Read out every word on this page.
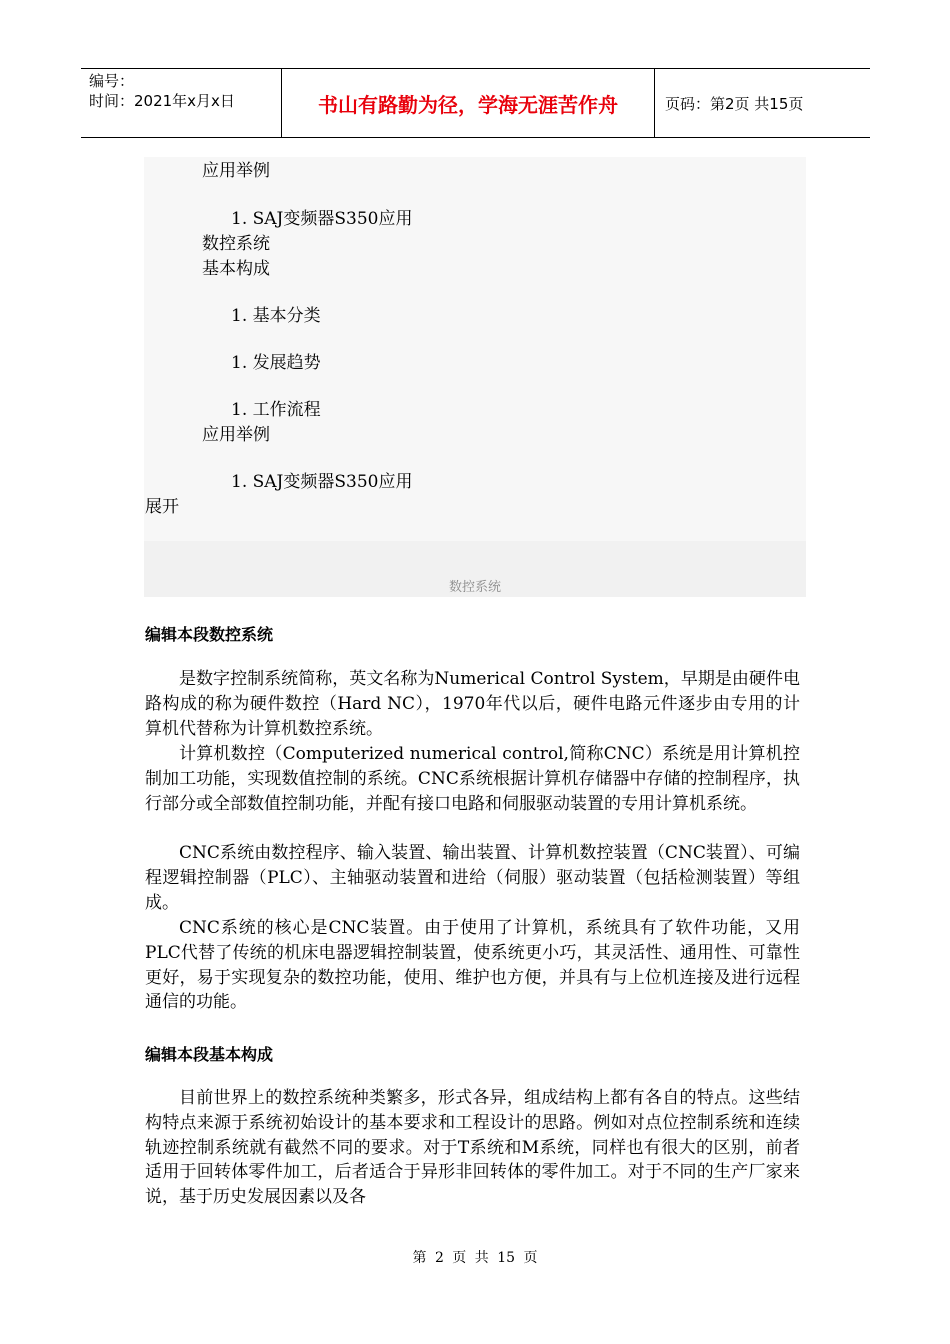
编号：
时间：2021年x月x日	书山有路勤为径，学海无涯苦作舟	页码：第2页 共15页
应用举例
1. SAJ变频器S350应用
数控系统
基本构成
1. 基本分类
1. 发展趋势
1. 工作流程
应用举例
1. SAJ变频器S350应用
展开
数控系统
编辑本段数控系统

是数字控制系统简称，英文名称为Numerical Control System，早期是由硬件电路构成的称为硬件数控（Hard NC），1970年代以后，硬件电路元件逐步由专用的计算机代替称为计算机数控系统。

计算机数控（Computerized numerical control,简称CNC）系统是用计算机控制加工功能，实现数值控制的系统。CNC系统根据计算机存储器中存储的控制程序，执行部分或全部数值控制功能，并配有接口电路和伺服驱动装置的专用计算机系统。

CNC系统由数控程序、输入装置、输出装置、计算机数控装置（CNC装置）、可编程逻辑控制器（PLC）、主轴驱动装置和进给（伺服）驱动装置（包括检测装置）等组成。

CNC系统的核心是CNC装置。由于使用了计算机，系统具有了软件功能，又用PLC代替了传统的机床电器逻辑控制装置，使系统更小巧，其灵活性、通用性、可靠性更好，易于实现复杂的数控功能，使用、维护也方便，并具有与上位机连接及进行远程通信的功能。

编辑本段基本构成

目前世界上的数控系统种类繁多，形式各异，组成结构上都有各自的特点。这些结构特点来源于系统初始设计的基本要求和工程设计的思路。例如对点位控制系统和连续轨迹控制系统就有截然不同的要求。对于T系统和M系统，同样也有很大的区别，前者适用于回转体零件加工，后者适合于异形非回转体的零件加工。对于不同的生产厂家来说，基于历史发展因素以及各

第 2 页 共 15 页
